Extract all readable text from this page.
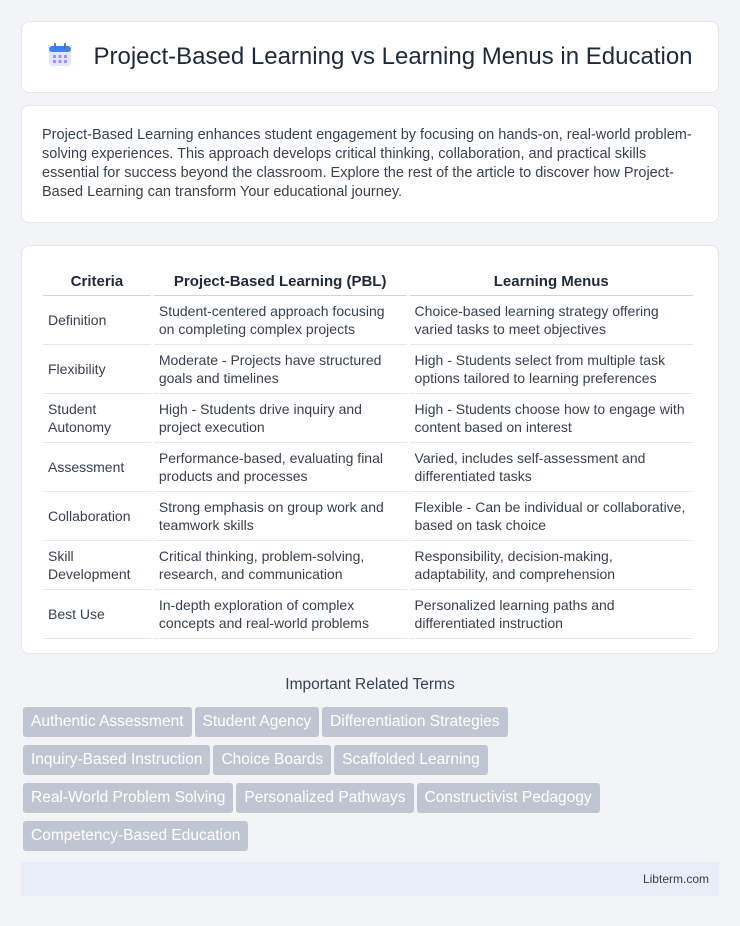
Project-Based Learning vs Learning Menus in Education

Project-Based Learning enhances student engagement by focusing on hands-on, real-world problem-solving experiences. This approach develops critical thinking, collaboration, and practical skills essential for success beyond the classroom. Explore the rest of the article to discover how Project-Based Learning can transform Your educational journey.

Criteria	Project-Based Learning (PBL)	Learning Menus
Definition	Student-centered approach focusing on completing complex projects	Choice-based learning strategy offering varied tasks to meet objectives
Flexibility	Moderate - Projects have structured goals and timelines	High - Students select from multiple task options tailored to learning preferences
Student Autonomy	High - Students drive inquiry and project execution	High - Students choose how to engage with content based on interest
Assessment	Performance-based, evaluating final products and processes	Varied, includes self-assessment and differentiated tasks
Collaboration	Strong emphasis on group work and teamwork skills	Flexible - Can be individual or collaborative, based on task choice
Skill Development	Critical thinking, problem-solving, research, and communication	Responsibility, decision-making, adaptability, and comprehension
Best Use	In-depth exploration of complex concepts and real-world problems	Personalized learning paths and differentiated instruction
Important Related Terms
Authentic Assessment Student Agency Differentiation Strategies
Inquiry-Based Instruction Choice Boards Scaffolded Learning
Real-World Problem Solving Personalized Pathways Constructivist Pedagogy
Competency-Based Education
Libterm.com
